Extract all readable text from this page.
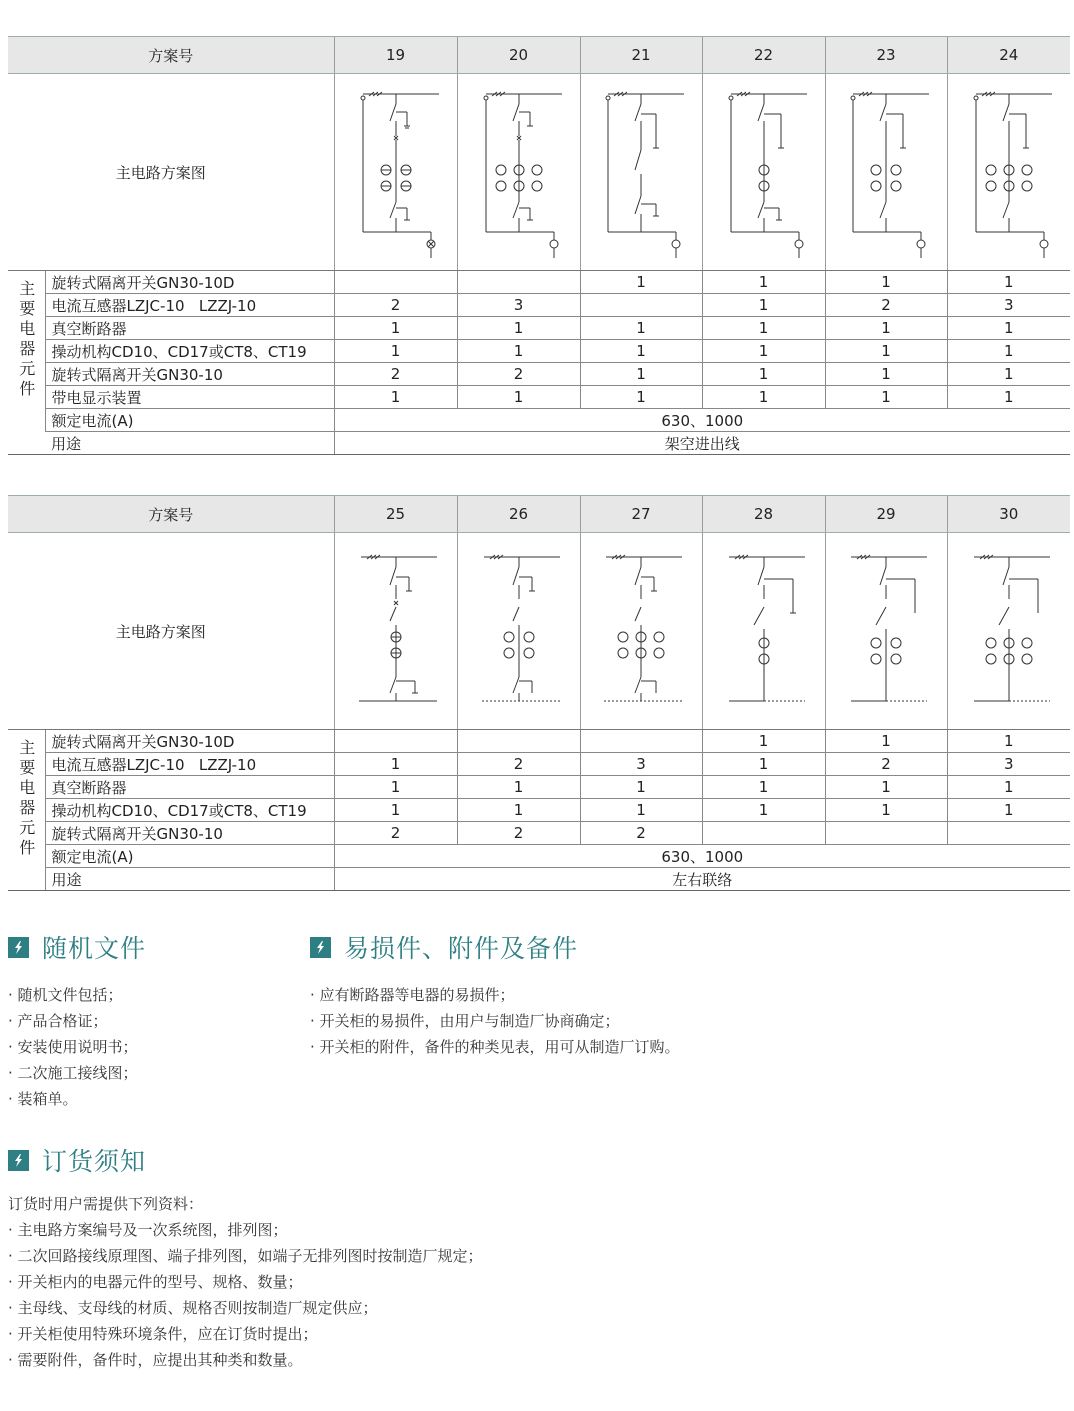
方案号		19	20	21	22	23	24
主电路方案图	

主要电器元件	旋转式隔离开关GN30-10D			1	1	1	1
	电流互感器LZJC-10   LZZJ-10	2	3		1	2	3
	真空断路器	1	1	1	1	1	1
	操动机构CD10、CD17或CT8、CT19	1	1	1	1	1	1
	旋转式隔离开关GN30-10	2	2	1	1	1	1
	带电显示装置	1	1	1	1	1	1
	额定电流(A)	630、1000					
	用途	架空进出线					
方案号		25	26	27	28	29	30
主电路方案图	

主要电器元件	旋转式隔离开关GN30-10D				1	1	1
	电流互感器LZJC-10   LZZJ-10	1	2	3	1	2	3
	真空断路器	1	1	1	1	1	1
	操动机构CD10、CD17或CT8、CT19	1	1	1	1	1	1
	旋转式隔离开关GN30-10	2	2	2			
	额定电流(A)	630、1000					
	用途	左右联络					
随机文件
· 随机文件包括；
· 产品合格证；
· 安装使用说明书；
· 二次施工接线图；
· 装箱单。
易损件、附件及备件
· 应有断路器等电器的易损件；
· 开关柜的易损件，由用户与制造厂协商确定；
· 开关柜的附件，备件的种类见表，用可从制造厂订购。
订货须知
订货时用户需提供下列资料：
· 主电路方案编号及一次系统图，排列图；
· 二次回路接线原理图、端子排列图，如端子无排列图时按制造厂规定；
· 开关柜内的电器元件的型号、规格、数量；
· 主母线、支母线的材质、规格否则按制造厂规定供应；
· 开关柜使用特殊环境条件，应在订货时提出；
· 需要附件，备件时，应提出其种类和数量。
